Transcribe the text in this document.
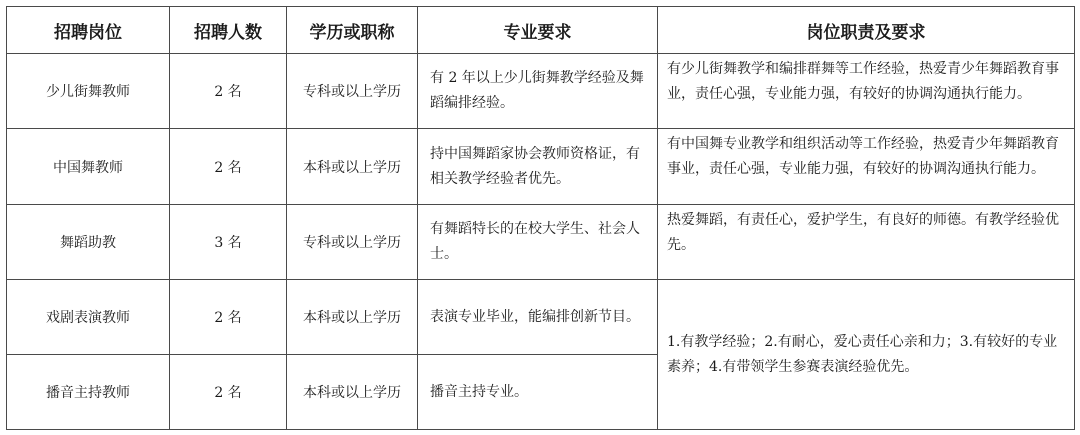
招聘岗位	招聘人数	学历或职称	专业要求	岗位职责及要求
少儿街舞教师	2 名	专科或以上学历	有 2 年以上少儿街舞教学经验及舞蹈编排经验。	有少儿街舞教学和编排群舞等工作经验，热爱青少年舞蹈教育事业，责任心强，专业能力强，有较好的协调沟通执行能力。
中国舞教师	2 名	本科或以上学历	持中国舞蹈家协会教师资格证，有相关教学经验者优先。	有中国舞专业教学和组织活动等工作经验，热爱青少年舞蹈教育事业，责任心强，专业能力强，有较好的协调沟通执行能力。
舞蹈助教	3 名	专科或以上学历	有舞蹈特长的在校大学生、社会人士。	热爱舞蹈，有责任心，爱护学生，有良好的师德。有教学经验优先。
戏剧表演教师	2 名	本科或以上学历	表演专业毕业，能编排创新节目。	1.有教学经验；2.有耐心，爱心责任心亲和力；3.有较好的专业素养；4.有带领学生参赛表演经验优先。
播音主持教师	2 名	本科或以上学历	播音主持专业。	
